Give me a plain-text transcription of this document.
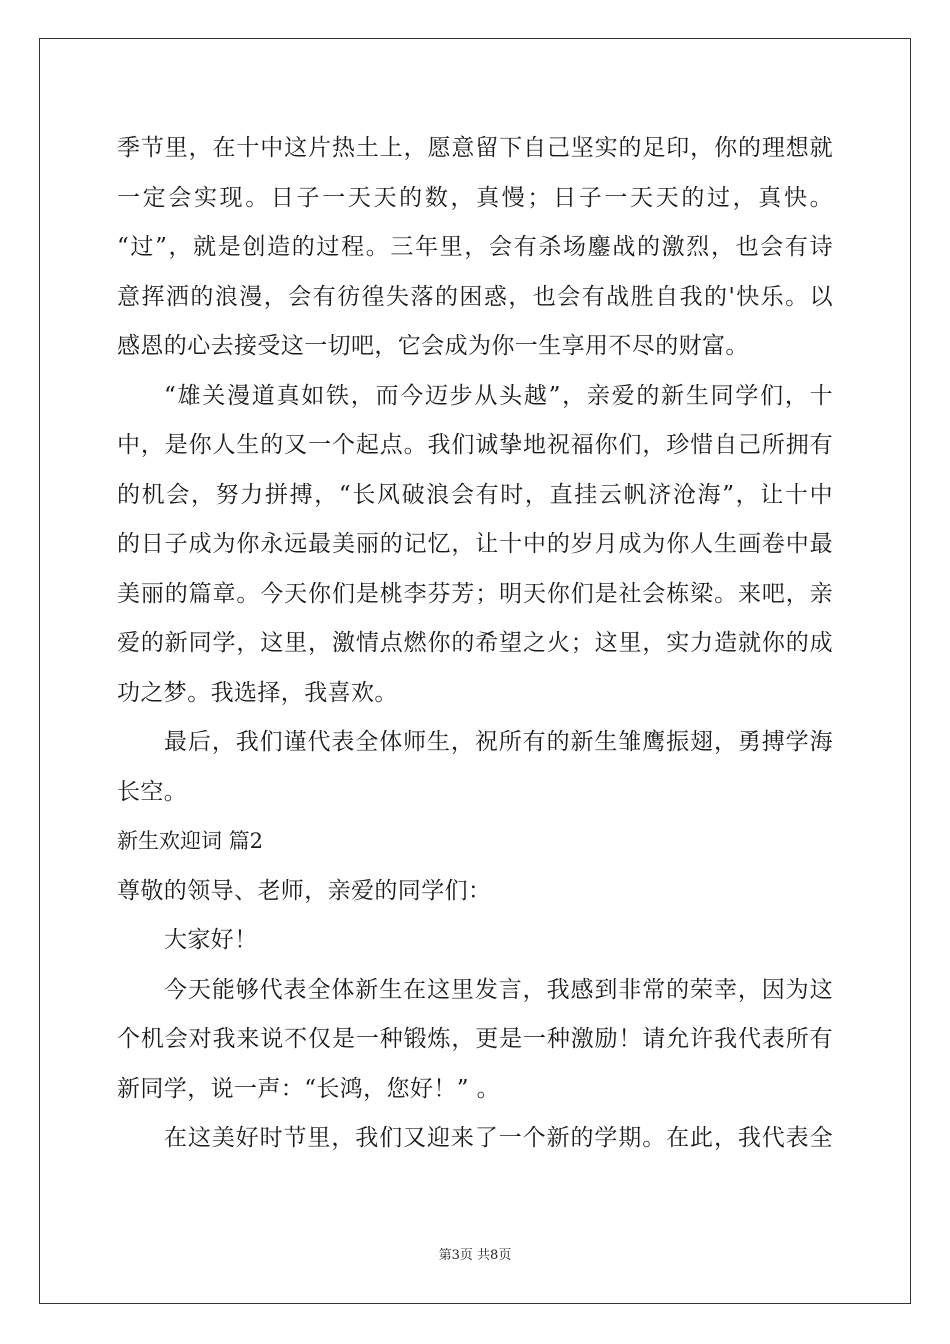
季节里，在十中这片热土上，愿意留下自己坚实的足印，你的理想就
一定会实现。日子一天天的数，真慢；日子一天天的过，真快。
“过”，就是创造的过程。三年里，会有杀场鏖战的激烈，也会有诗
意挥洒的浪漫，会有彷徨失落的困惑，也会有战胜自我的'快乐。以
感恩的心去接受这一切吧，它会成为你一生享用不尽的财富。
“雄关漫道真如铁，而今迈步从头越”，亲爱的新生同学们，十
中，是你人生的又一个起点。我们诚挚地祝福你们，珍惜自己所拥有
的机会，努力拼搏，“长风破浪会有时，直挂云帆济沧海”，让十中
的日子成为你永远最美丽的记忆，让十中的岁月成为你人生画卷中最
美丽的篇章。今天你们是桃李芬芳；明天你们是社会栋梁。来吧，亲
爱的新同学，这里，激情点燃你的希望之火；这里，实力造就你的成
功之梦。我选择，我喜欢。
最后，我们谨代表全体师生，祝所有的新生雏鹰振翅，勇搏学海
长空。
新生欢迎词 篇2
尊敬的领导、老师，亲爱的同学们：
大家好！
今天能够代表全体新生在这里发言，我感到非常的荣幸，因为这
个机会对我来说不仅是一种锻炼，更是一种激励！请允许我代表所有
新同学，说一声：“长鸿，您好！” 。
在这美好时节里，我们又迎来了一个新的学期。在此，我代表全
第3页 共8页
